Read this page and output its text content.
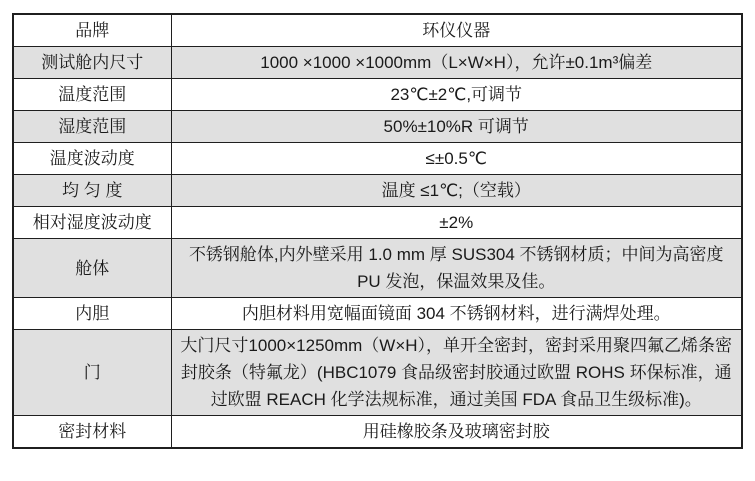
品牌	环仪仪器
测试舱内尺寸	1000 ×1000 ×1000mm（L×W×H），允许±0.1m³偏差
温度范围	23℃±2℃,可调节
湿度范围	50%±10%R 可调节
温度波动度	≤±0.5℃
均 匀 度	温度 ≤1℃;（空载）
相对湿度波动度	±2%
舱体	不锈钢舱体,内外壁采用 1.0 mm 厚 SUS304 不锈钢材质；中间为高密度 PU 发泡，保温效果及佳。
内胆	内胆材料用宽幅面镜面 304 不锈钢材料，进行满焊处理。
门	大门尺寸1000×1250mm（W×H），单开全密封，密封采用聚四氟乙烯条密封胶条（特氟龙）(HBC1079 食品级密封胶通过欧盟 ROHS 环保标准，通过欧盟 REACH 化学法规标准，通过美国 FDA 食品卫生级标准)。
密封材料	用硅橡胶条及玻璃密封胶
